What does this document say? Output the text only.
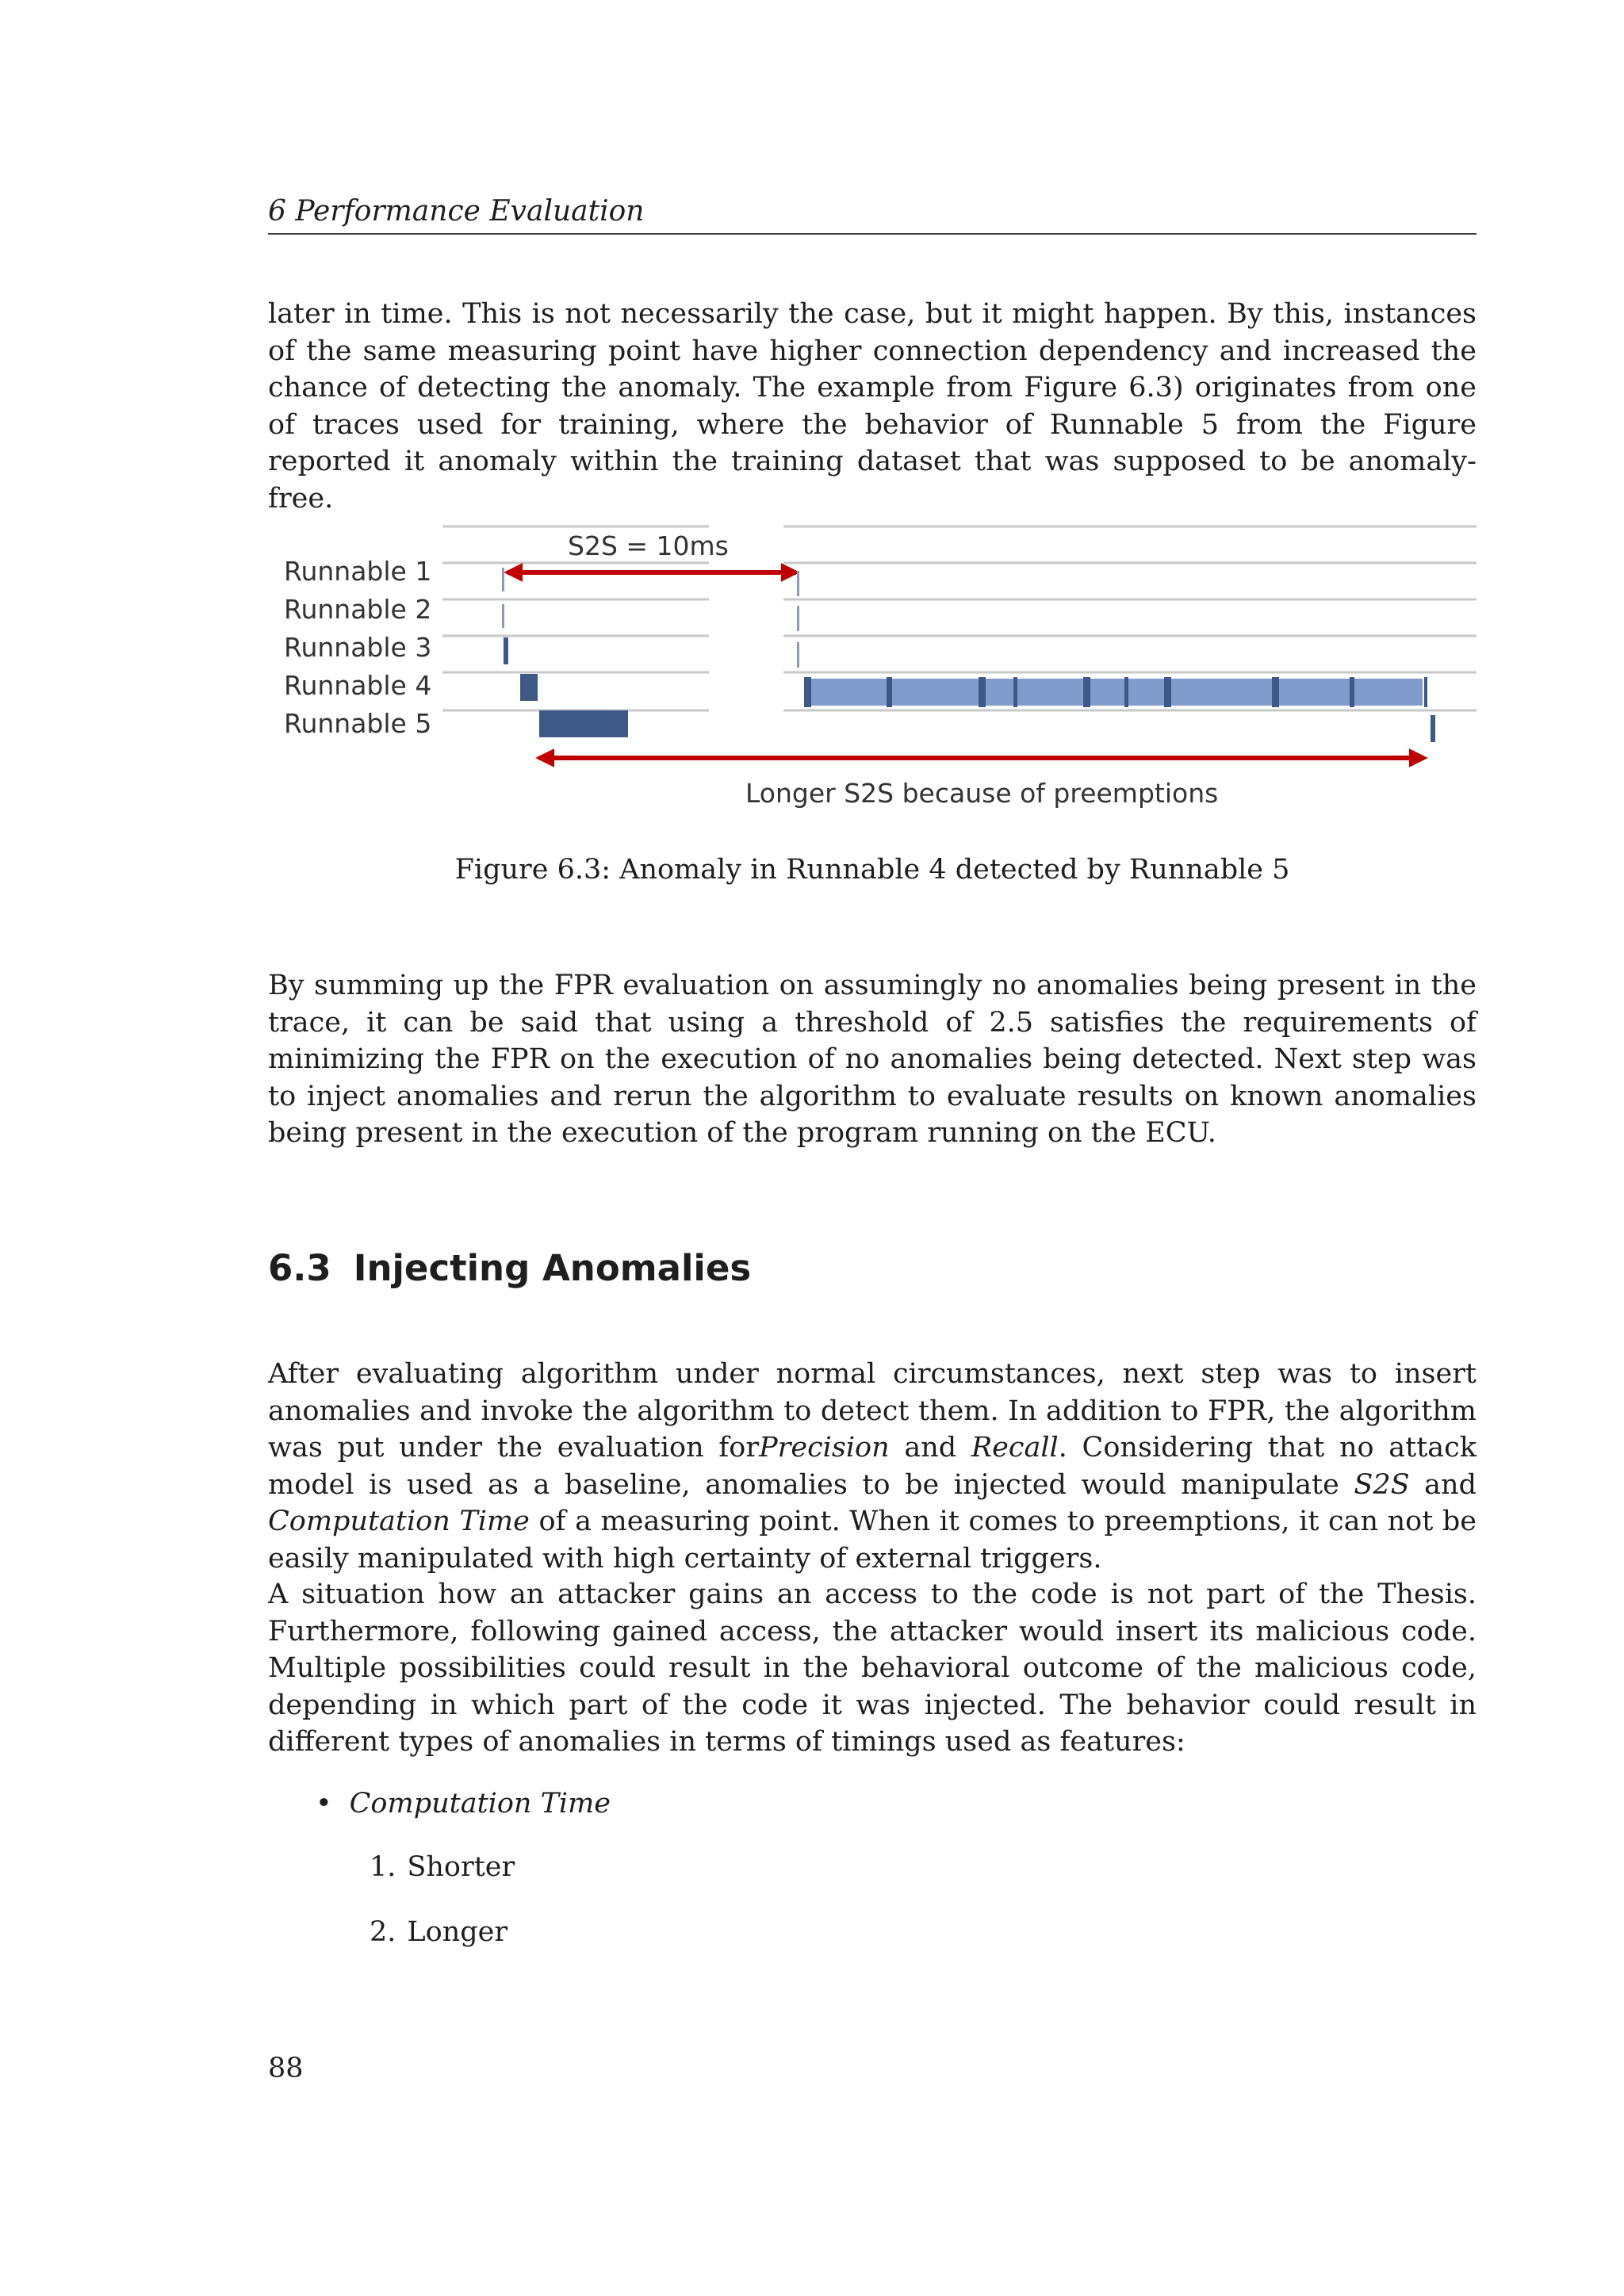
6 Performance Evaluation

later in time. This is not necessarily the case, but it might happen. By this, instances of the same measuring point have higher connection dependency and increased the chance of detecting the anomaly. The example from Figure 6.3) originates from one of traces used for training, where the behavior of Runnable 5 from the Figure reported it anomaly within the training dataset that was supposed to be anomaly-free.

Runnable 1
Runnable 2
Runnable 3
Runnable 4
Runnable 5
S2S = 10ms
Longer S2S because of preemptions
Figure 6.3: Anomaly in Runnable 4 detected by Runnable 5

By summing up the FPR evaluation on assumingly no anomalies being present in the trace, it can be said that using a threshold of 2.5 satisfies the requirements of minimizing the FPR on the execution of no anomalies being detected. Next step was to inject anomalies and rerun the algorithm to evaluate results on known anomalies being present in the execution of the program running on the ECU.

6.3 Injecting Anomalies

After evaluating algorithm under normal circumstances, next step was to insert anomalies and invoke the algorithm to detect them. In addition to FPR, the algorithm was put under the evaluation forPrecision and Recall. Considering that no attack model is used as a baseline, anomalies to be injected would manipulate S2S and Computation Time of a measuring point. When it comes to preemptions, it can not be easily manipulated with high certainty of external triggers.

A situation how an attacker gains an access to the code is not part of the Thesis. Furthermore, following gained access, the attacker would insert its malicious code. Multiple possibilities could result in the behavioral outcome of the malicious code, depending in which part of the code it was injected. The behavior could result in different types of anomalies in terms of timings used as features:

• Computation Time
1. Shorter
2. Longer
88
